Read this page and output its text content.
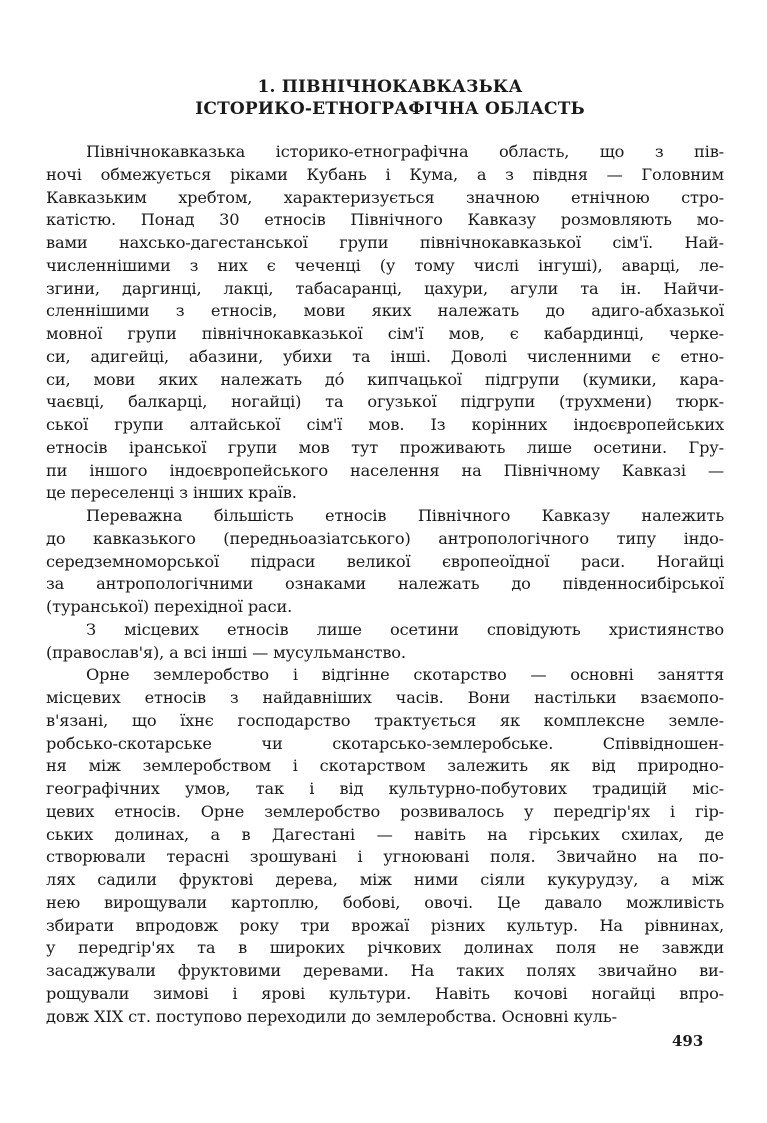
1. ПІВНІЧНОКАВКАЗЬКА
ІСТОРИКО-ЕТНОГРАФІЧНА ОБЛАСТЬ
Північнокавказька історико-етнографічна область, що з пів-
ночі обмежується ріками Кубань і Кума, а з півдня — Головним
Кавказьким хребтом, характеризується значною етнічною стро-
катістю. Понад 30 етносів Північного Кавказу розмовляють мо-
вами нахсько-дагестанської групи північнокавказької сім'ї. Най-
численнішими з них є чеченці (у тому числі інгуші), аварці, ле-
згини, даргинці, лакці, табасаранці, цахури, агули та ін. Найчи-
сленнішими з етносів, мови яких належать до адиго-абхазької
мовної групи північнокавказької сім'ї мов, є кабардинці, черке-
си, адигейці, абазини, убихи та інші. Доволі численними є етно-
си, мови яких належать дó кипчацької підгрупи (кумики, кара-
чаєвці, балкарці, ногайці) та огузької підгрупи (трухмени) тюрк-
ської групи алтайської сім'ї мов. Із корінних індоєвропейських
етносів іранської групи мов тут проживають лише осетини. Гру-
пи іншого індоєвропейського населення на Північному Кавказі —
це переселенці з інших країв.
Переважна більшість етносів Північного Кавказу належить
до кавказького (передньоазіатського) антропологічного типу індо-
середземноморської підраси великої європеоїдної раси. Ногайці
за антропологічними ознаками належать до південносибірської
(туранської) перехідної раси.
З місцевих етносів лише осетини сповідують християнство
(православ'я), а всі інші — мусульманство.
Орне землеробство і відгінне скотарство — основні заняття
місцевих етносів з найдавніших часів. Вони настільки взаємопо-
в'язані, що їхнє господарство трактується як комплексне земле-
робсько-скотарське чи скотарсько-землеробське. Співвідношен-
ня між землеробством і скотарством залежить як від природно-
географічних умов, так і від культурно-побутових традицій міс-
цевих етносів. Орне землеробство розвивалось у передгір'ях і гір-
ських долинах, а в Дагестані — навіть на гірських схилах, де
створювали терасні зрошувані і угноювані поля. Звичайно на по-
лях садили фруктові дерева, між ними сіяли кукурудзу, а між
нею вирощували картоплю, бобові, овочі. Це давало можливість
збирати впродовж року три врожаї різних культур. На рівнинах,
у передгір'ях та в широких річкових долинах поля не завжди
засаджували фруктовими деревами. На таких полях звичайно ви-
рощували зимові і ярові культури. Навіть кочові ногайці впро-
довж XIX ст. поступово переходили до землеробства. Основні куль-

493
